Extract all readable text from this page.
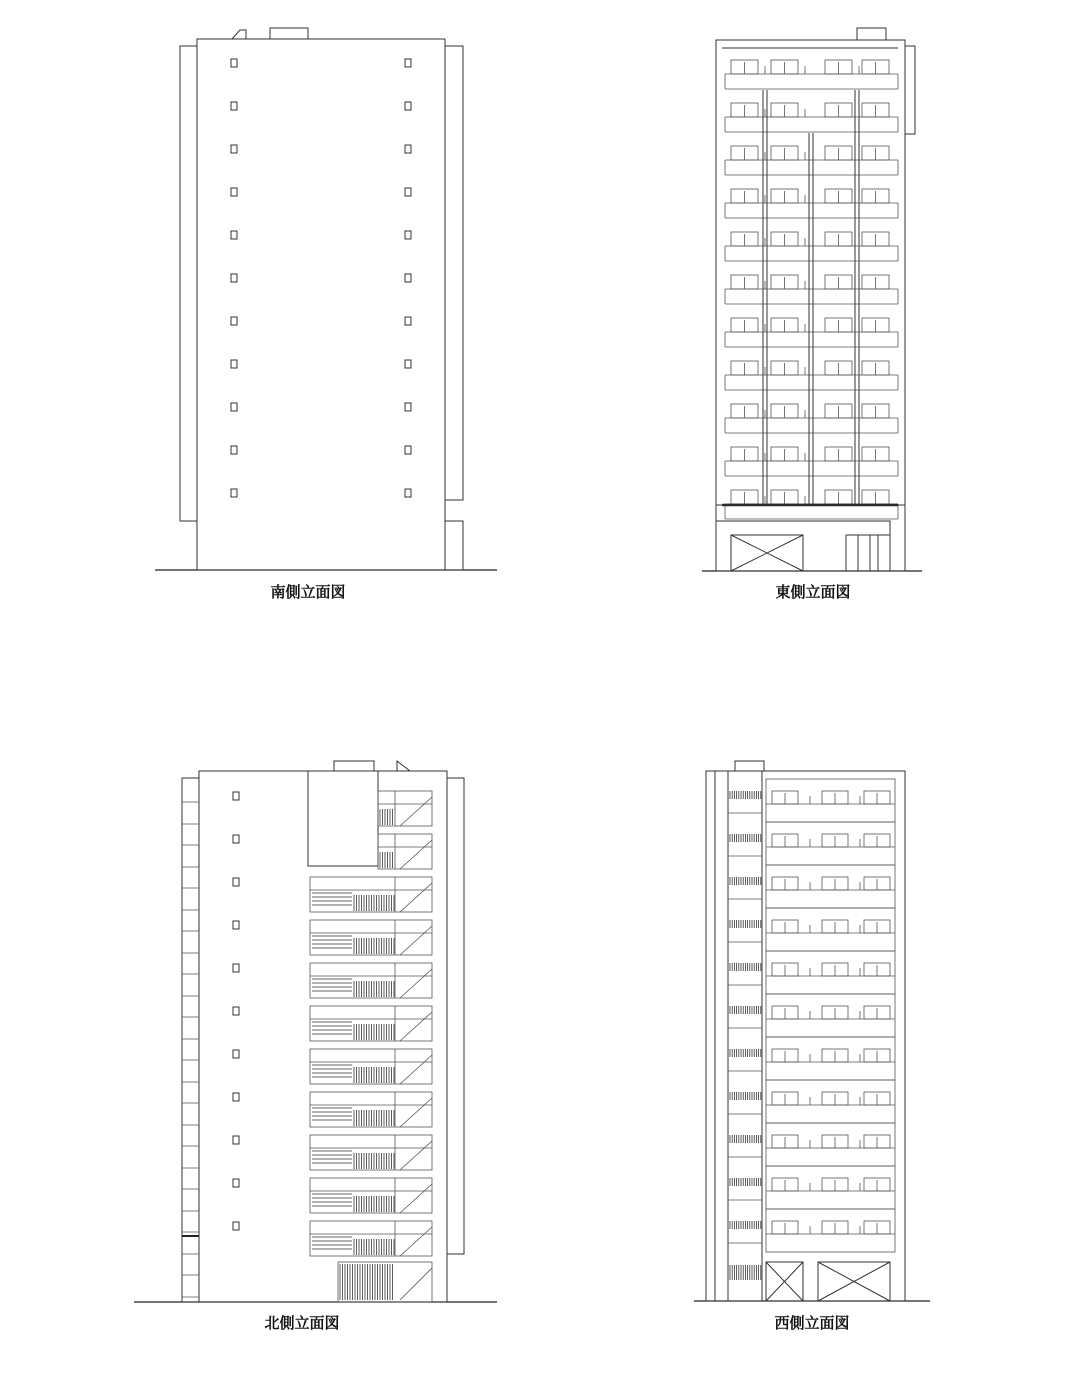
南側立面図	東側立面図
北側立面図	西側立面図
